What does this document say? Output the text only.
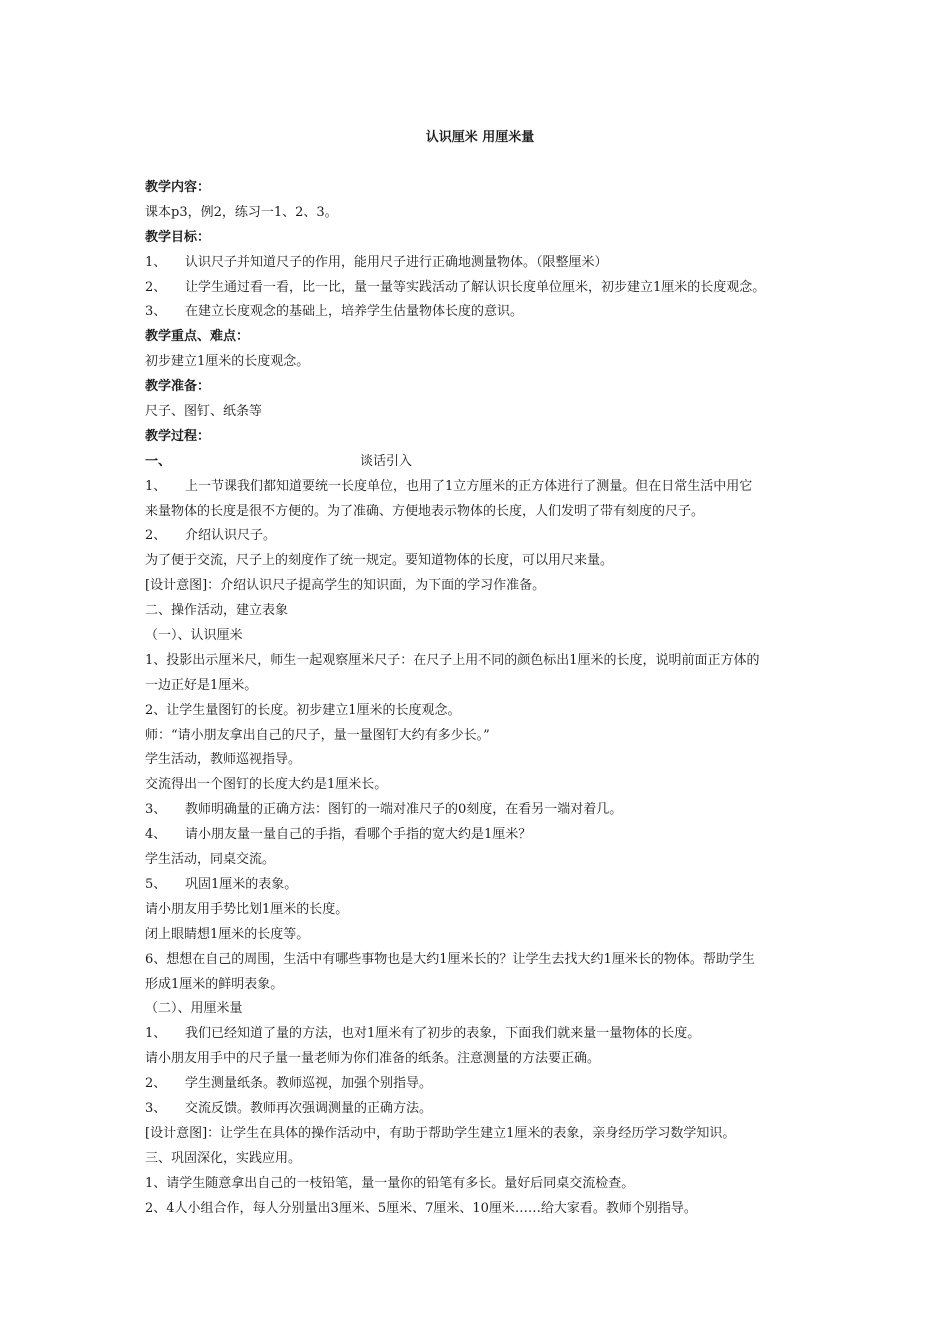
认识厘米 用厘米量
教学内容：
课本p3，例2，练习一1、2、3。
教学目标：
1、 认识尺子并知道尺子的作用，能用尺子进行正确地测量物体。（限整厘米）
2、 让学生通过看一看，比一比，量一量等实践活动了解认识长度单位厘米，初步建立1厘米的长度观念。
3、 在建立长度观念的基础上，培养学生估量物体长度的意识。
教学重点、难点：
初步建立1厘米的长度观念。
教学准备：
尺子、图钉、纸条等
教学过程：
一、	谈话引入
1、 上一节课我们都知道要统一长度单位，也用了1立方厘米的正方体进行了测量。但在日常生活中用它
来量物体的长度是很不方便的。为了准确、方便地表示物体的长度，人们发明了带有刻度的尺子。
2、 介绍认识尺子。
为了便于交流，尺子上的刻度作了统一规定。要知道物体的长度，可以用尺来量。
[设计意图]：介绍认识尺子提高学生的知识面，为下面的学习作准备。
二、操作活动，建立表象
（一）、认识厘米
1、投影出示厘米尺，师生一起观察厘米尺子：在尺子上用不同的颜色标出1厘米的长度，说明前面正方体的
一边正好是1厘米。
2、让学生量图钉的长度。初步建立1厘米的长度观念。
师：“请小朋友拿出自己的尺子，量一量图钉大约有多少长。”
学生活动，教师巡视指导。
交流得出一个图钉的长度大约是1厘米长。
3、 教师明确量的正确方法：图钉的一端对准尺子的0刻度，在看另一端对着几。
4、 请小朋友量一量自己的手指，看哪个手指的宽大约是1厘米？
学生活动，同桌交流。
5、 巩固1厘米的表象。
请小朋友用手势比划1厘米的长度。
闭上眼睛想1厘米的长度等。
6、想想在自己的周围，生活中有哪些事物也是大约1厘米长的？让学生去找大约1厘米长的物体。帮助学生
形成1厘米的鲜明表象。
（二）、用厘米量
1、 我们已经知道了量的方法，也对1厘米有了初步的表象，下面我们就来量一量物体的长度。
请小朋友用手中的尺子量一量老师为你们准备的纸条。注意测量的方法要正确。
2、 学生测量纸条。教师巡视，加强个别指导。
3、 交流反馈。教师再次强调测量的正确方法。
[设计意图]：让学生在具体的操作活动中，有助于帮助学生建立1厘米的表象，亲身经历学习数学知识。
三、巩固深化，实践应用。
1、请学生随意拿出自己的一枝铅笔，量一量你的铅笔有多长。量好后同桌交流检查。
2、4人小组合作，每人分别量出3厘米、5厘米、7厘米、10厘米……给大家看。教师个别指导。
